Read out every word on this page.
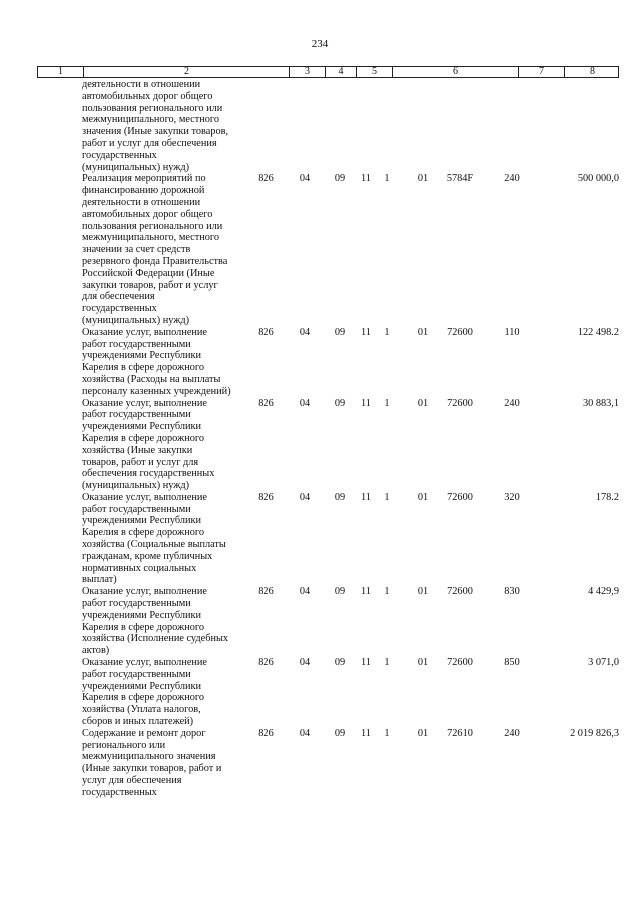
234
1	2	3	4	5	6	7	8
деятельности в отношении
автомобильных дорог общего
пользования регионального или
межмуниципального, местного
значения (Иные закупки товаров,
работ и услуг для обеспечения
государственных
(муниципальных) нужд)
Реализация мероприятий по
финансированию дорожной
деятельности в отношении
автомобильных дорог общего
пользования регионального или
межмуниципального, местного
значении за счет средств
резервного фонда Правительства
Российской Федерации (Иные
закупки товаров, работ и услуг
для обеспечения
государственных
(муниципальных) нужд)
826	04	09	11	1	01	5784F	240	500 000,0
Оказание услуг, выполнение
работ государственными
учреждениями Республики
Карелия в сфере дорожного
хозяйства (Расходы на выплаты
персоналу казенных учреждений)
826	04	09	11	1	01	72600	110	122 498.2
Оказание услуг, выполнение
работ государственными
учреждениями Республики
Карелия в сфере дорожного
хозяйства (Иные закупки
товаров, работ и услуг для
обеспечения государственных
(муниципальных) нужд)
826	04	09	11	1	01	72600	240	30 883,1
Оказание услуг, выполнение
работ государственными
учреждениями Республики
Карелия в сфере дорожного
хозяйства (Социальные выплаты
гражданам, кроме публичных
нормативных социальных
выплат)
826	04	09	11	1	01	72600	320	178.2
Оказание услуг, выполнение
работ государственными
учреждениями Республики
Карелия в сфере дорожного
хозяйства (Исполнение судебных
актов)
826	04	09	11	1	01	72600	830	4 429,9
Оказание услуг, выполнение
работ государственными
учреждениями Республики
Карелия в сфере дорожного
хозяйства (Уплата налогов,
сборов и иных платежей)
826	04	09	11	1	01	72600	850	3 071,0
Содержание и ремонт дорог
регионального или
межмуниципального значения
(Иные закупки товаров, работ и
услуг для обеспечения
государственных
826	04	09	11	1	01	72610	240	2 019 826,3
